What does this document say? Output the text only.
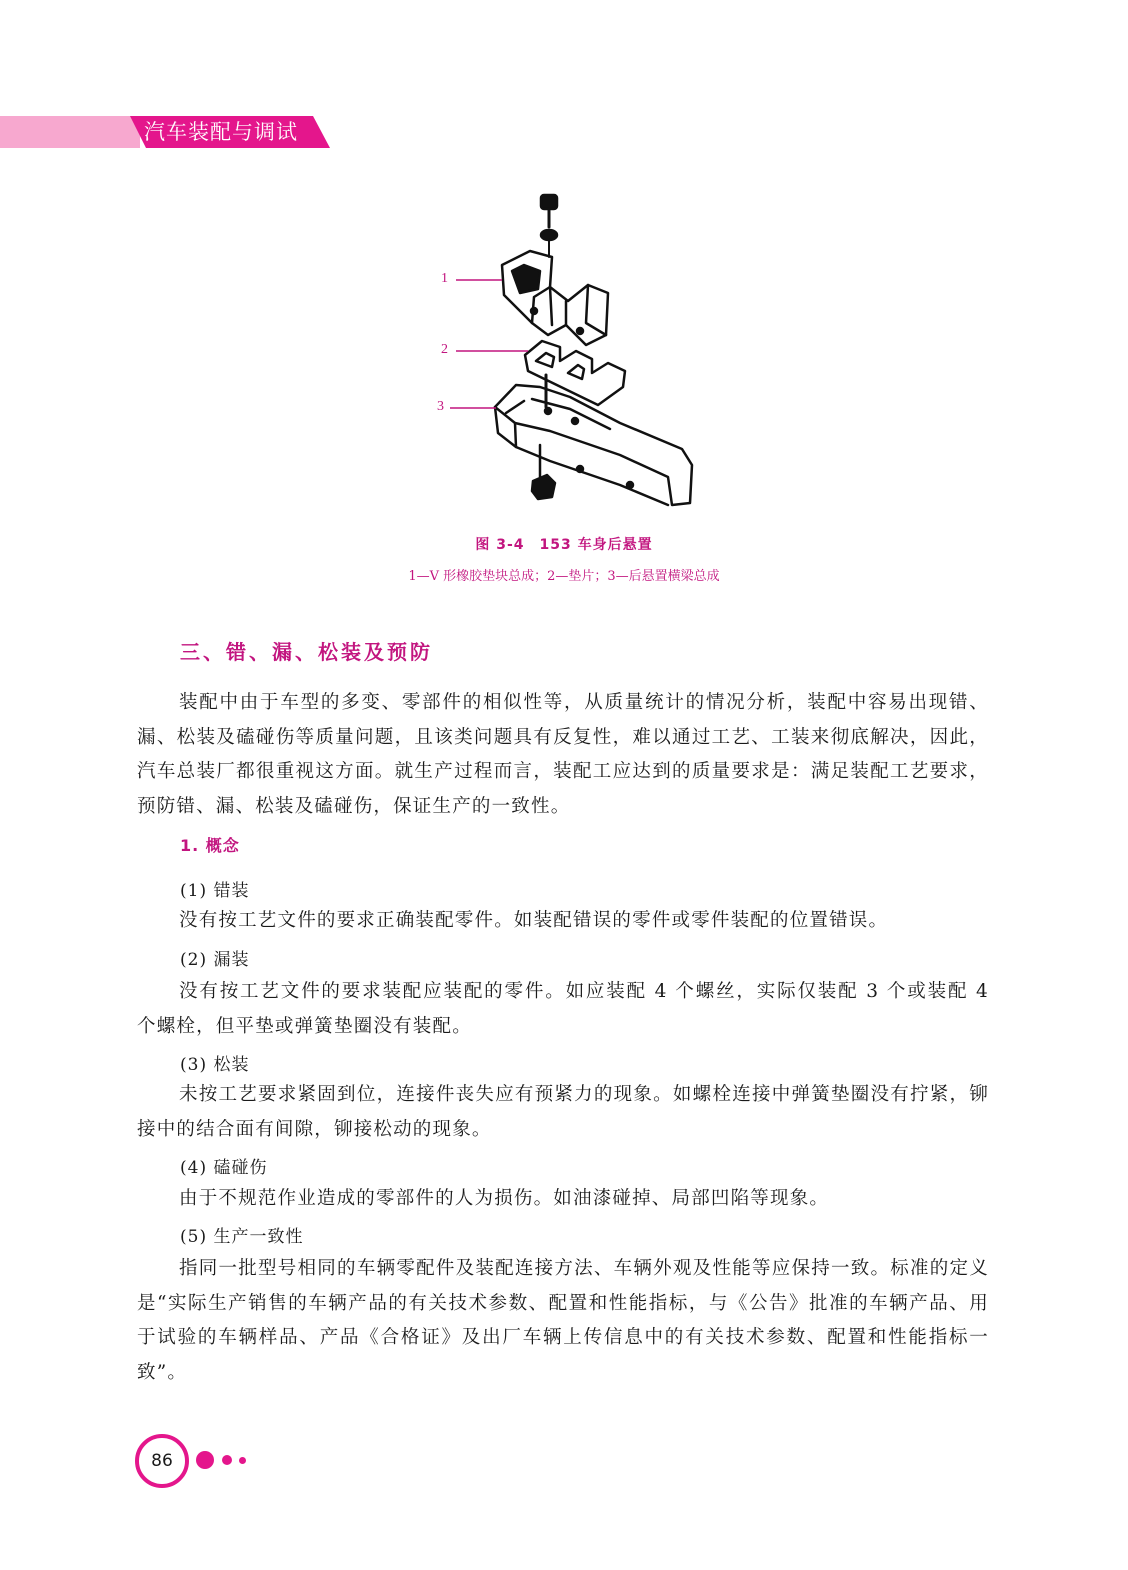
汽车装配与调试
1
2
3
图 3-4　153 车身后悬置
1—V 形橡胶垫块总成；2—垫片；3—后悬置横梁总成
三、错、漏、松装及预防

装配中由于车型的多变、零部件的相似性等，从质量统计的情况分析，装配中容易出现错、漏、松装及磕碰伤等质量问题，且该类问题具有反复性，难以通过工艺、工装来彻底解决，因此，汽车总装厂都很重视这方面。就生产过程而言，装配工应达到的质量要求是：满足装配工艺要求，预防错、漏、松装及磕碰伤，保证生产的一致性。

1. 概念
(1) 错装

没有按工艺文件的要求正确装配零件。如装配错误的零件或零件装配的位置错误。

(2) 漏装

没有按工艺文件的要求装配应装配的零件。如应装配 4 个螺丝，实际仅装配 3 个或装配 4 个螺栓，但平垫或弹簧垫圈没有装配。

(3) 松装

未按工艺要求紧固到位，连接件丧失应有预紧力的现象。如螺栓连接中弹簧垫圈没有拧紧，铆接中的结合面有间隙，铆接松动的现象。

(4) 磕碰伤

由于不规范作业造成的零部件的人为损伤。如油漆碰掉、局部凹陷等现象。

(5) 生产一致性

指同一批型号相同的车辆零配件及装配连接方法、车辆外观及性能等应保持一致。标准的定义是“实际生产销售的车辆产品的有关技术参数、配置和性能指标，与《公告》批准的车辆产品、用于试验的车辆样品、产品《合格证》及出厂车辆上传信息中的有关技术参数、配置和性能指标一致”。

86
